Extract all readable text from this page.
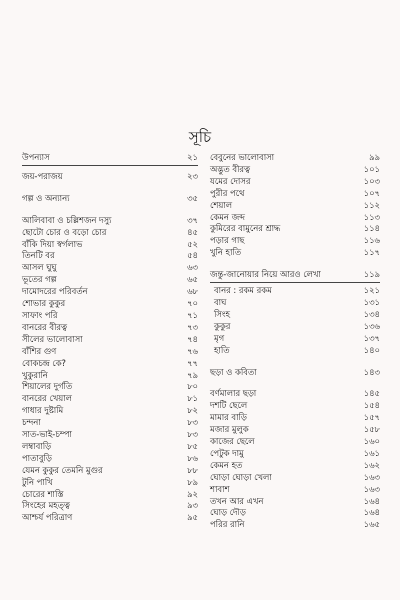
সূচি
উপন্যাস	২১
জয়-পরাজয়	২৩
গল্প ও অন্যান্য	৩৫
আলিবাবা ও চল্লিশজন দস্যু	৩৭
ছোটো চোর ও বড়ো চোর	৪৫
বাঁকি দিয়া স্বর্গলাভ	৫২
তিনটি বর	৫৪
আসল ঘুঘু	৬৩
ভূতের গল্প	৬৫
দামোদরের পরিবর্তন	৬৮
শোভার কুকুর	৭০
সাফাং পরি	৭১
বানরের বীরত্ব	৭৩
সীলের ভালোবাসা	৭৪
বাঁশির গুণ	৭৬
বোকচন্দ্র কে?	৭৭
খুকুরানি	৭৯
শিয়ালের দুর্গতি	৮০
বানরের খেয়াল	৮১
গাধার দুষ্টামি	৮২
চন্দনা	৮৩
সাত-ভাই-চম্পা	৮৩
লম্বাবাড়ি	৮৫
পাতাবুড়ি	৮৬
যেমন কুকুর তেমনি মুগুর	৮৮
টুনি পাখি	৮৯
চোরের শাস্তি	৯২
সিংহের মহত্ত্ব	৯৩
আশ্চর্য পরিত্রাণ	৯৫
বেবুনের ভালোবাসা	৯৯
অদ্ভুত বীরত্ব	১০১
যমের দোসর	১০৩
পুরীর পথে	১০৭
শেয়াল	১১২
কেমন জব্দ	১১৩
কুমিরের বামুনের শ্রাদ্ধ	১১৪
পড়ার গাছ	১১৬
খুনি হাতি	১১৭
জন্তু-জানোয়ার নিয়ে আরও লেখা	১১৯
বানর : রকম রকম	১২১
বাঘ	১৩১
সিংহ	১৩৪
কুকুর	১৩৬
মৃগ	১৩৭
হাতি	১৪০
ছড়া ও কবিতা	১৪৩
বর্ণমালার ছড়া	১৪৫
দশটি ছেলে	১৫৪
মামার বাড়ি	১৫৭
মজার মুলুক	১৫৮
কাজের ছেলে	১৬০
পেটুক দামু	১৬১
কেমন হত	১৬২
ঘোড়া ঘোড়া খেলা	১৬৩
শাবাশ	১৬৩
তখন আর এখন	১৬৪
ঘোড় দৌড়	১৬৪
পরির রানি	১৬৫
